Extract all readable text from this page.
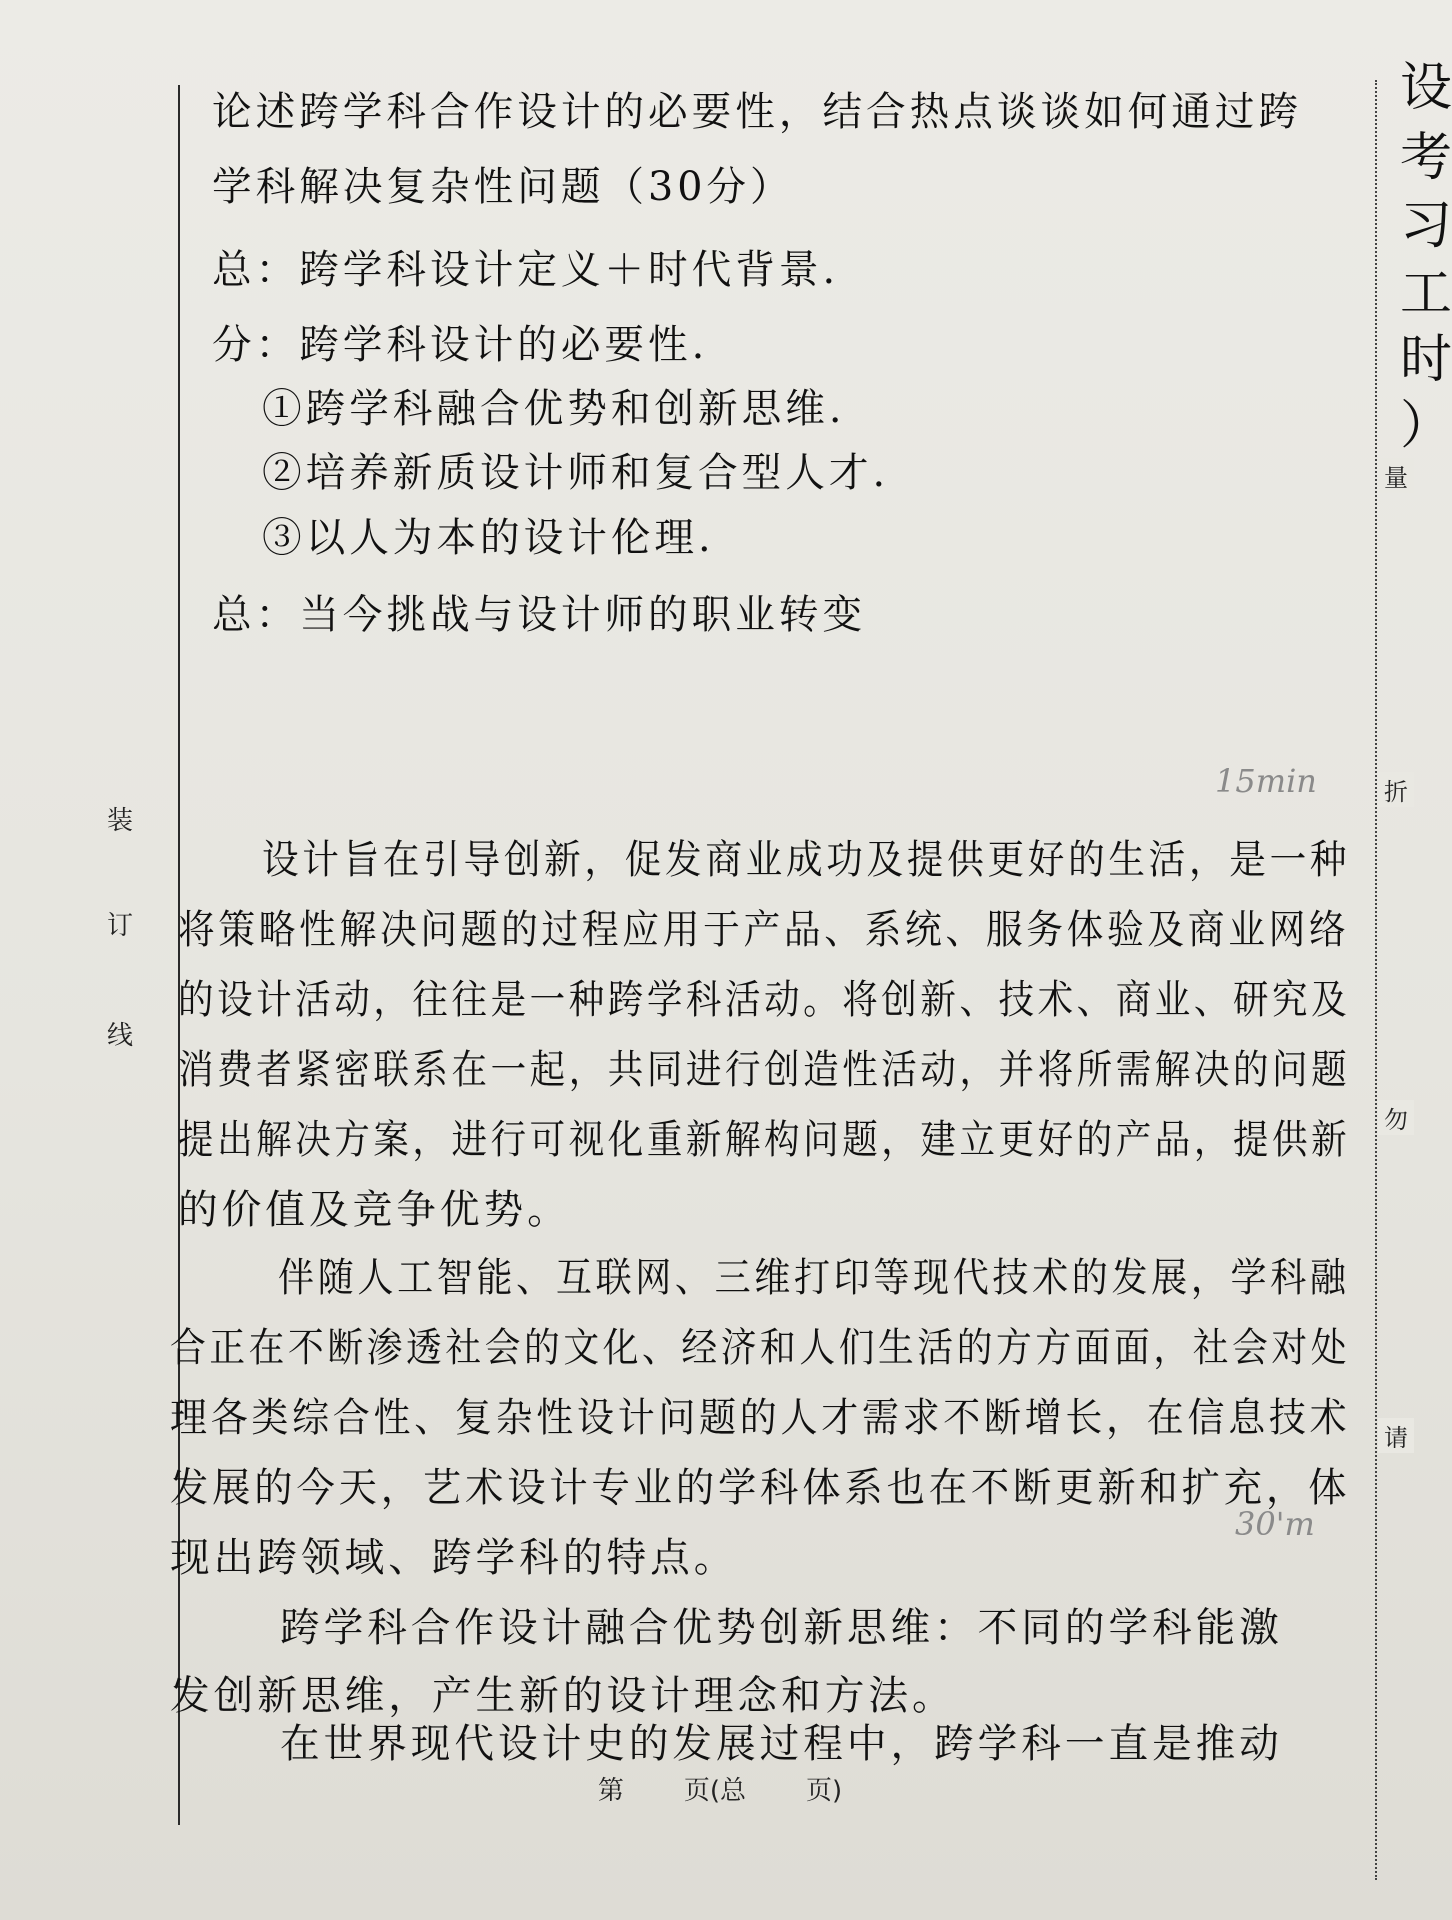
装
订
线
量
折
勿
请
设
考
习
工
时
）
论述跨学科合作设计的必要性，结合热点谈谈如何通过跨
学科解决复杂性问题（30分）
总：跨学科设计定义＋时代背景.
分：跨学科设计的必要性.
①跨学科融合优势和创新思维.
②培养新质设计师和复合型人才.
③以人为本的设计伦理.
总：当今挑战与设计师的职业转变
15min
30'm
设计旨在引导创新，促发商业成功及提供更好的生活，是一种
将策略性解决问题的过程应用于产品、系统、服务体验及商业网络
的设计活动，往往是一种跨学科活动。将创新、技术、商业、研究及
消费者紧密联系在一起，共同进行创造性活动，并将所需解决的问题
提出解决方案，进行可视化重新解构问题，建立更好的产品，提供新
的价值及竞争优势。
伴随人工智能、互联网、三维打印等现代技术的发展，学科融
合正在不断渗透社会的文化、经济和人们生活的方方面面，社会对处
理各类综合性、复杂性设计问题的人才需求不断增长，在信息技术
发展的今天，艺术设计专业的学科体系也在不断更新和扩充，体
现出跨领域、跨学科的特点。
跨学科合作设计融合优势创新思维：不同的学科能激
发创新思维，产生新的设计理念和方法。
在世界现代设计史的发展过程中，跨学科一直是推动
第 页(总 页)
